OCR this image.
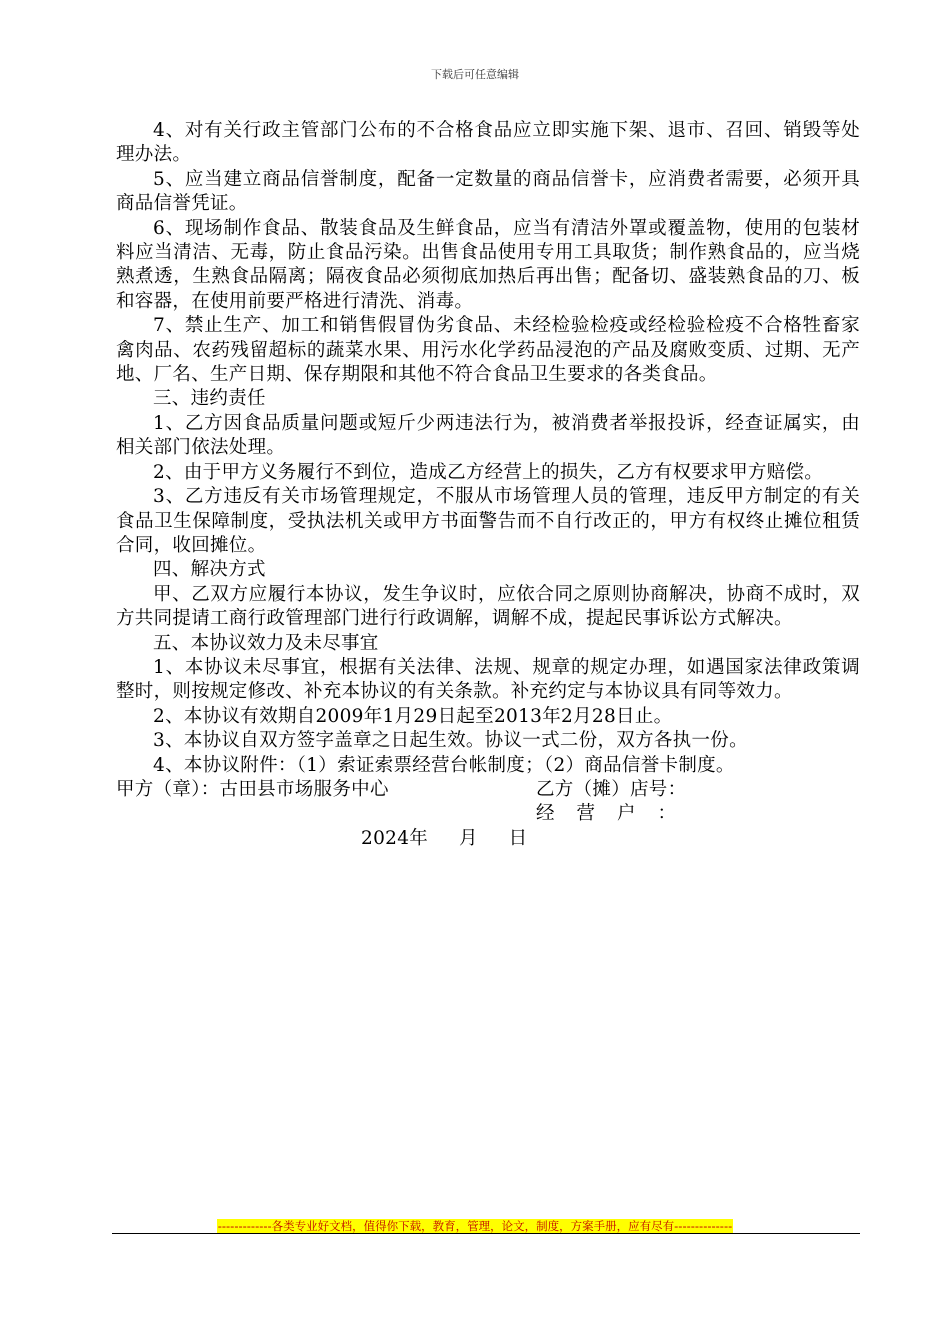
下载后可任意编辑

4、对有关行政主管部门公布的不合格食品应立即实施下架、退市、召回、销毁等处理办法。

5、应当建立商品信誉制度，配备一定数量的商品信誉卡，应消费者需要，必须开具商品信誉凭证。

6、现场制作食品、散装食品及生鲜食品，应当有清洁外罩或覆盖物，使用的包装材料应当清洁、无毒，防止食品污染。出售食品使用专用工具取货；制作熟食品的，应当烧熟煮透，生熟食品隔离；隔夜食品必须彻底加热后再出售；配备切、盛装熟食品的刀、板和容器，在使用前要严格进行清洗、消毒。

7、禁止生产、加工和销售假冒伪劣食品、未经检验检疫或经检验检疫不合格牲畜家禽肉品、农药残留超标的蔬菜水果、用污水化学药品浸泡的产品及腐败变质、过期、无产地、厂名、生产日期、保存期限和其他不符合食品卫生要求的各类食品。

三、违约责任

1、乙方因食品质量问题或短斤少两违法行为，被消费者举报投诉，经查证属实，由相关部门依法处理。

2、由于甲方义务履行不到位，造成乙方经营上的损失，乙方有权要求甲方赔偿。

3、乙方违反有关市场管理规定，不服从市场管理人员的管理，违反甲方制定的有关食品卫生保障制度，受执法机关或甲方书面警告而不自行改正的，甲方有权终止摊位租赁合同，收回摊位。

四、解决方式

甲、乙双方应履行本协议，发生争议时，应依合同之原则协商解决，协商不成时，双方共同提请工商行政管理部门进行行政调解，调解不成，提起民事诉讼方式解决。

五、本协议效力及未尽事宜

1、本协议未尽事宜，根据有关法律、法规、规章的规定办理，如遇国家法律政策调整时，则按规定修改、补充本协议的有关条款。补充约定与本协议具有同等效力。

2、本协议有效期自2009年1月29日起至2013年2月28日止。

3、本协议自双方签字盖章之日起生效。协议一式二份，双方各执一份。

4、本协议附件：（1）索证索票经营台帐制度；（2）商品信誉卡制度。

甲方（章）：古田县市场服务中心	乙方（摊）店号：
经营户：
2024年     月     日
-------------各类专业好文档，值得你下载，教育，管理，论文，制度，方案手册，应有尽有--------------
